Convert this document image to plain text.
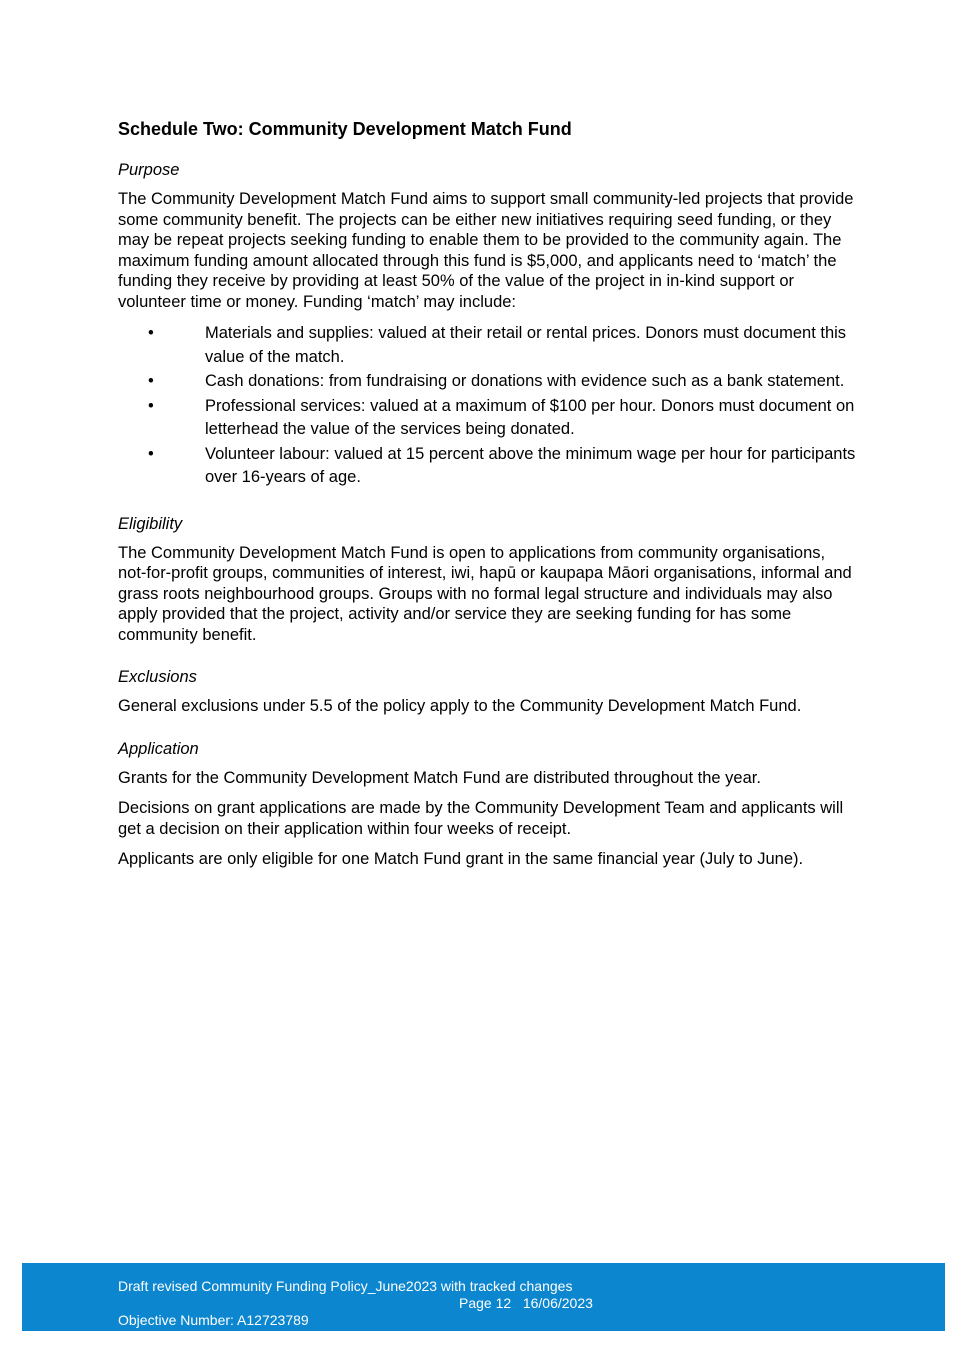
Schedule Two: Community Development Match Fund
Purpose

The Community Development Match Fund aims to support small community-led projects that provide some community benefit. The projects can be either new initiatives requiring seed funding, or they may be repeat projects seeking funding to enable them to be provided to the community again. The maximum funding amount allocated through this fund is $5,000, and applicants need to ‘match’ the funding they receive by providing at least 50% of the value of the project in in-kind support or volunteer time or money. Funding ‘match’ may include:

•	Materials and supplies: valued at their retail or rental prices. Donors must document this value of the match.
•	Cash donations: from fundraising or donations with evidence such as a bank statement.
•	Professional services: valued at a maximum of $100 per hour. Donors must document on letterhead the value of the services being donated.
•	Volunteer labour: valued at 15 percent above the minimum wage per hour for participants over 16-years of age.
Eligibility

The Community Development Match Fund is open to applications from community organisations, not-for-profit groups, communities of interest, iwi, hapū or kaupapa Māori organisations, informal and grass roots neighbourhood groups. Groups with no formal legal structure and individuals may also apply provided that the project, activity and/or service they are seeking funding for has some community benefit.

Exclusions

General exclusions under 5.5 of the policy apply to the Community Development Match Fund.

Application

Grants for the Community Development Match Fund are distributed throughout the year.

Decisions on grant applications are made by the Community Development Team and applicants will get a decision on their application within four weeks of receipt.

Applicants are only eligible for one Match Fund grant in the same financial year (July to June).

Draft revised Community Funding Policy_June2023 with tracked changes
Page 12 16/06/2023
Objective Number: A12723789
